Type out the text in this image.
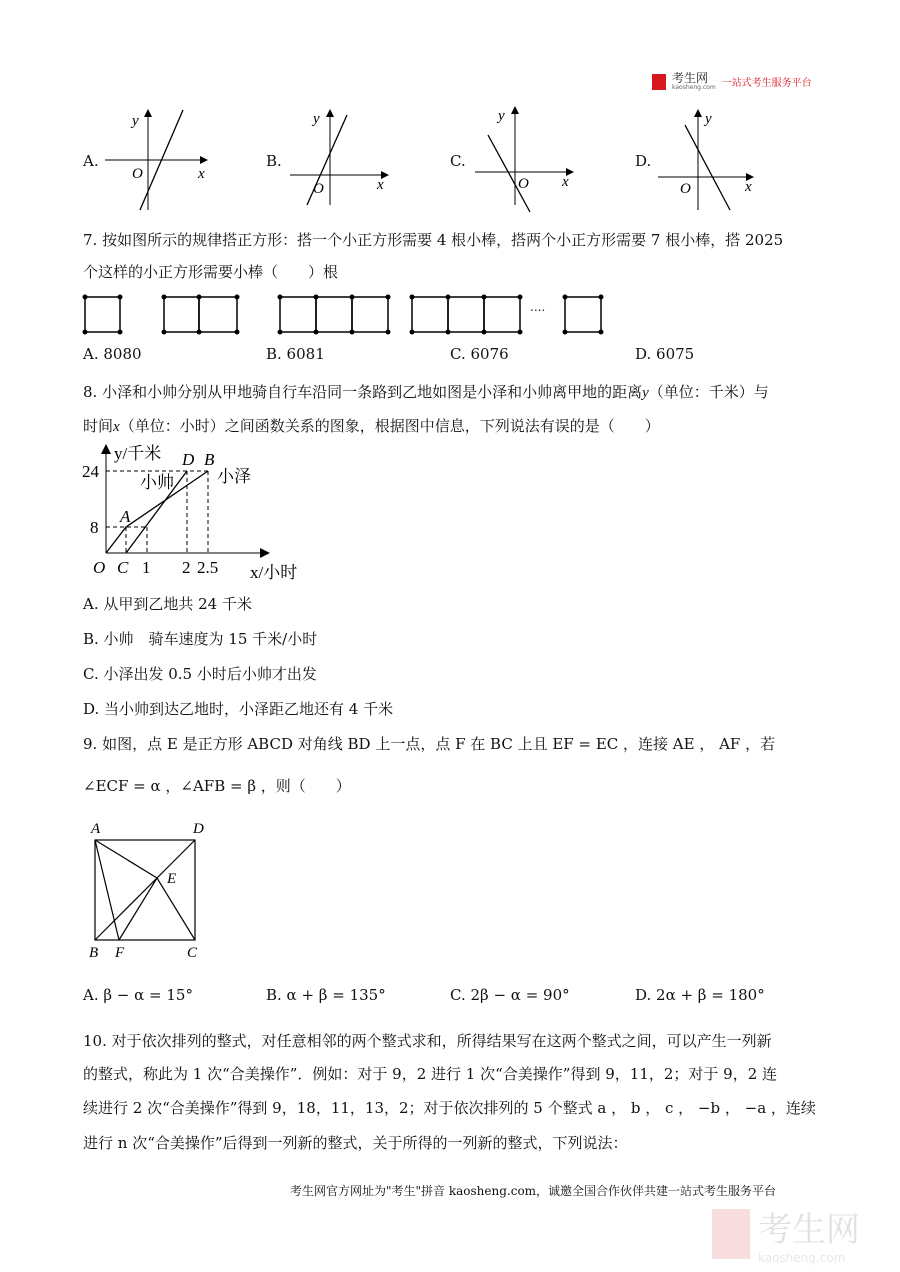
考生网
kaosheng.com 一站式考生服务平台
A.
y
O	x
B.
y
O	x
C.
y
O x
D.
y
O	x
7. 按如图所示的规律搭正方形：搭一个小正方形需要 4 根小棒，搭两个小正方形需要 7 根小棒，搭 2025
个这样的小正方形需要小棒（　　）根
....
A. 8080	B. 6081	C. 6076	D. 6075
8. 小泽和小帅分别从甲地骑自行车沿同一条路到乙地如图是小泽和小帅离甲地的距离y（单位：千米）与
时间x（单位：小时）之间函数关系的图象，根据图中信息，下列说法有误的是（　　）
y/千米
24
8
O C 1 2 2.5 x/小时
A
D B
小帅	小泽
A. 从甲到乙地共 24 千米
B. 小帅　骑车速度为 15 千米/小时
C. 小泽出发 0.5 小时后小帅才出发
D. 当小帅到达乙地时，小泽距乙地还有 4 千米
9. 如图，点 E 是正方形 ABCD 对角线 BD 上一点，点 F 在 BC 上且 EF = EC ，连接 AE ， AF ，若
∠ECF = α ，∠AFB = β ，则（　　）
A	D
B	C
E
F
A. β − α = 15°	B. α + β = 135°	C. 2β − α = 90°	D. 2α + β = 180°
10. 对于依次排列的整式，对任意相邻的两个整式求和，所得结果写在这两个整式之间，可以产生一列新
的整式，称此为 1 次“合美操作”．例如：对于 9，2 进行 1 次“合美操作”得到 9，11，2；对于 9，2 连
续进行 2 次“合美操作”得到 9，18，11，13，2；对于依次排列的 5 个整式 a ， b ， c ， −b ， −a ，连续
进行 n 次“合美操作”后得到一列新的整式，关于所得的一列新的整式，下列说法：
考生网官方网址为"考生"拼音 kaosheng.com，诚邀全国合作伙伴共建一站式考生服务平台
考生网
kaosheng.com
